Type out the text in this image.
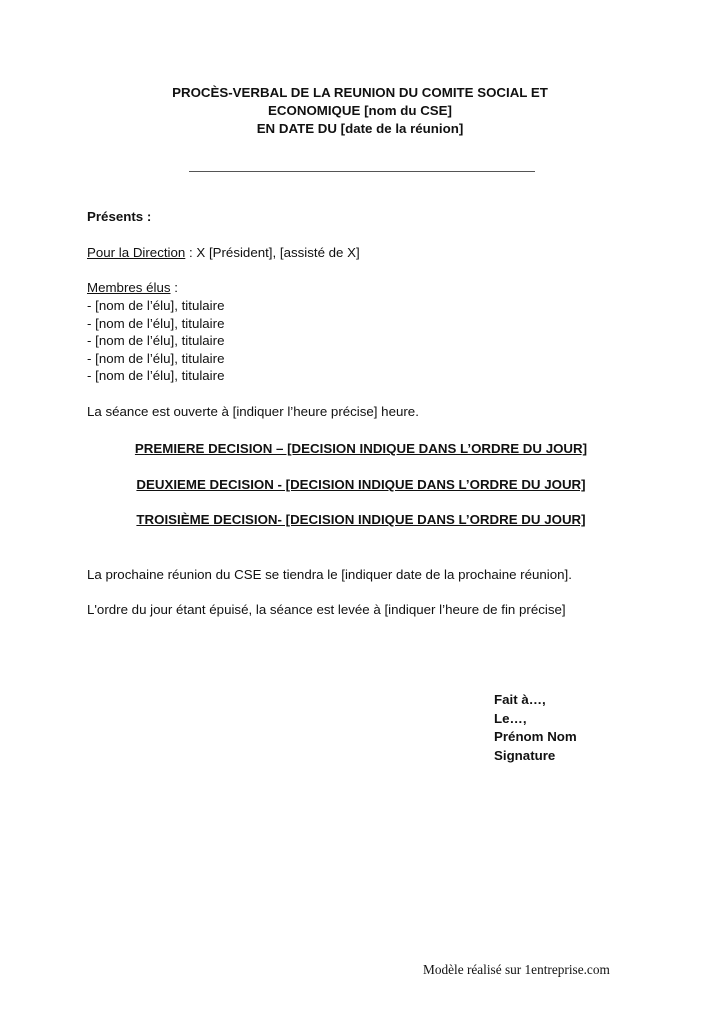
PROCÈS-VERBAL DE LA REUNION DU COMITE SOCIAL ET
ECONOMIQUE [nom du CSE]
EN DATE DU [date de la réunion]
Présents :
Pour la Direction : X [Président], [assisté de X]
Membres élus :
- [nom de l’élu], titulaire
- [nom de l’élu], titulaire
- [nom de l’élu], titulaire
- [nom de l’élu], titulaire
- [nom de l’élu], titulaire
La séance est ouverte à [indiquer l’heure précise] heure.
PREMIERE DECISION – [DECISION INDIQUE DANS L’ORDRE DU JOUR]
DEUXIEME DECISION - [DECISION INDIQUE DANS L’ORDRE DU JOUR]
TROISIÈME DECISION- [DECISION INDIQUE DANS L’ORDRE DU JOUR]
La prochaine réunion du CSE se tiendra le [indiquer date de la prochaine réunion].
L'ordre du jour étant épuisé, la séance est levée à [indiquer l’heure de fin précise]
Fait à…,
Le…,
Prénom Nom
Signature
Modèle réalisé sur 1entreprise.com
